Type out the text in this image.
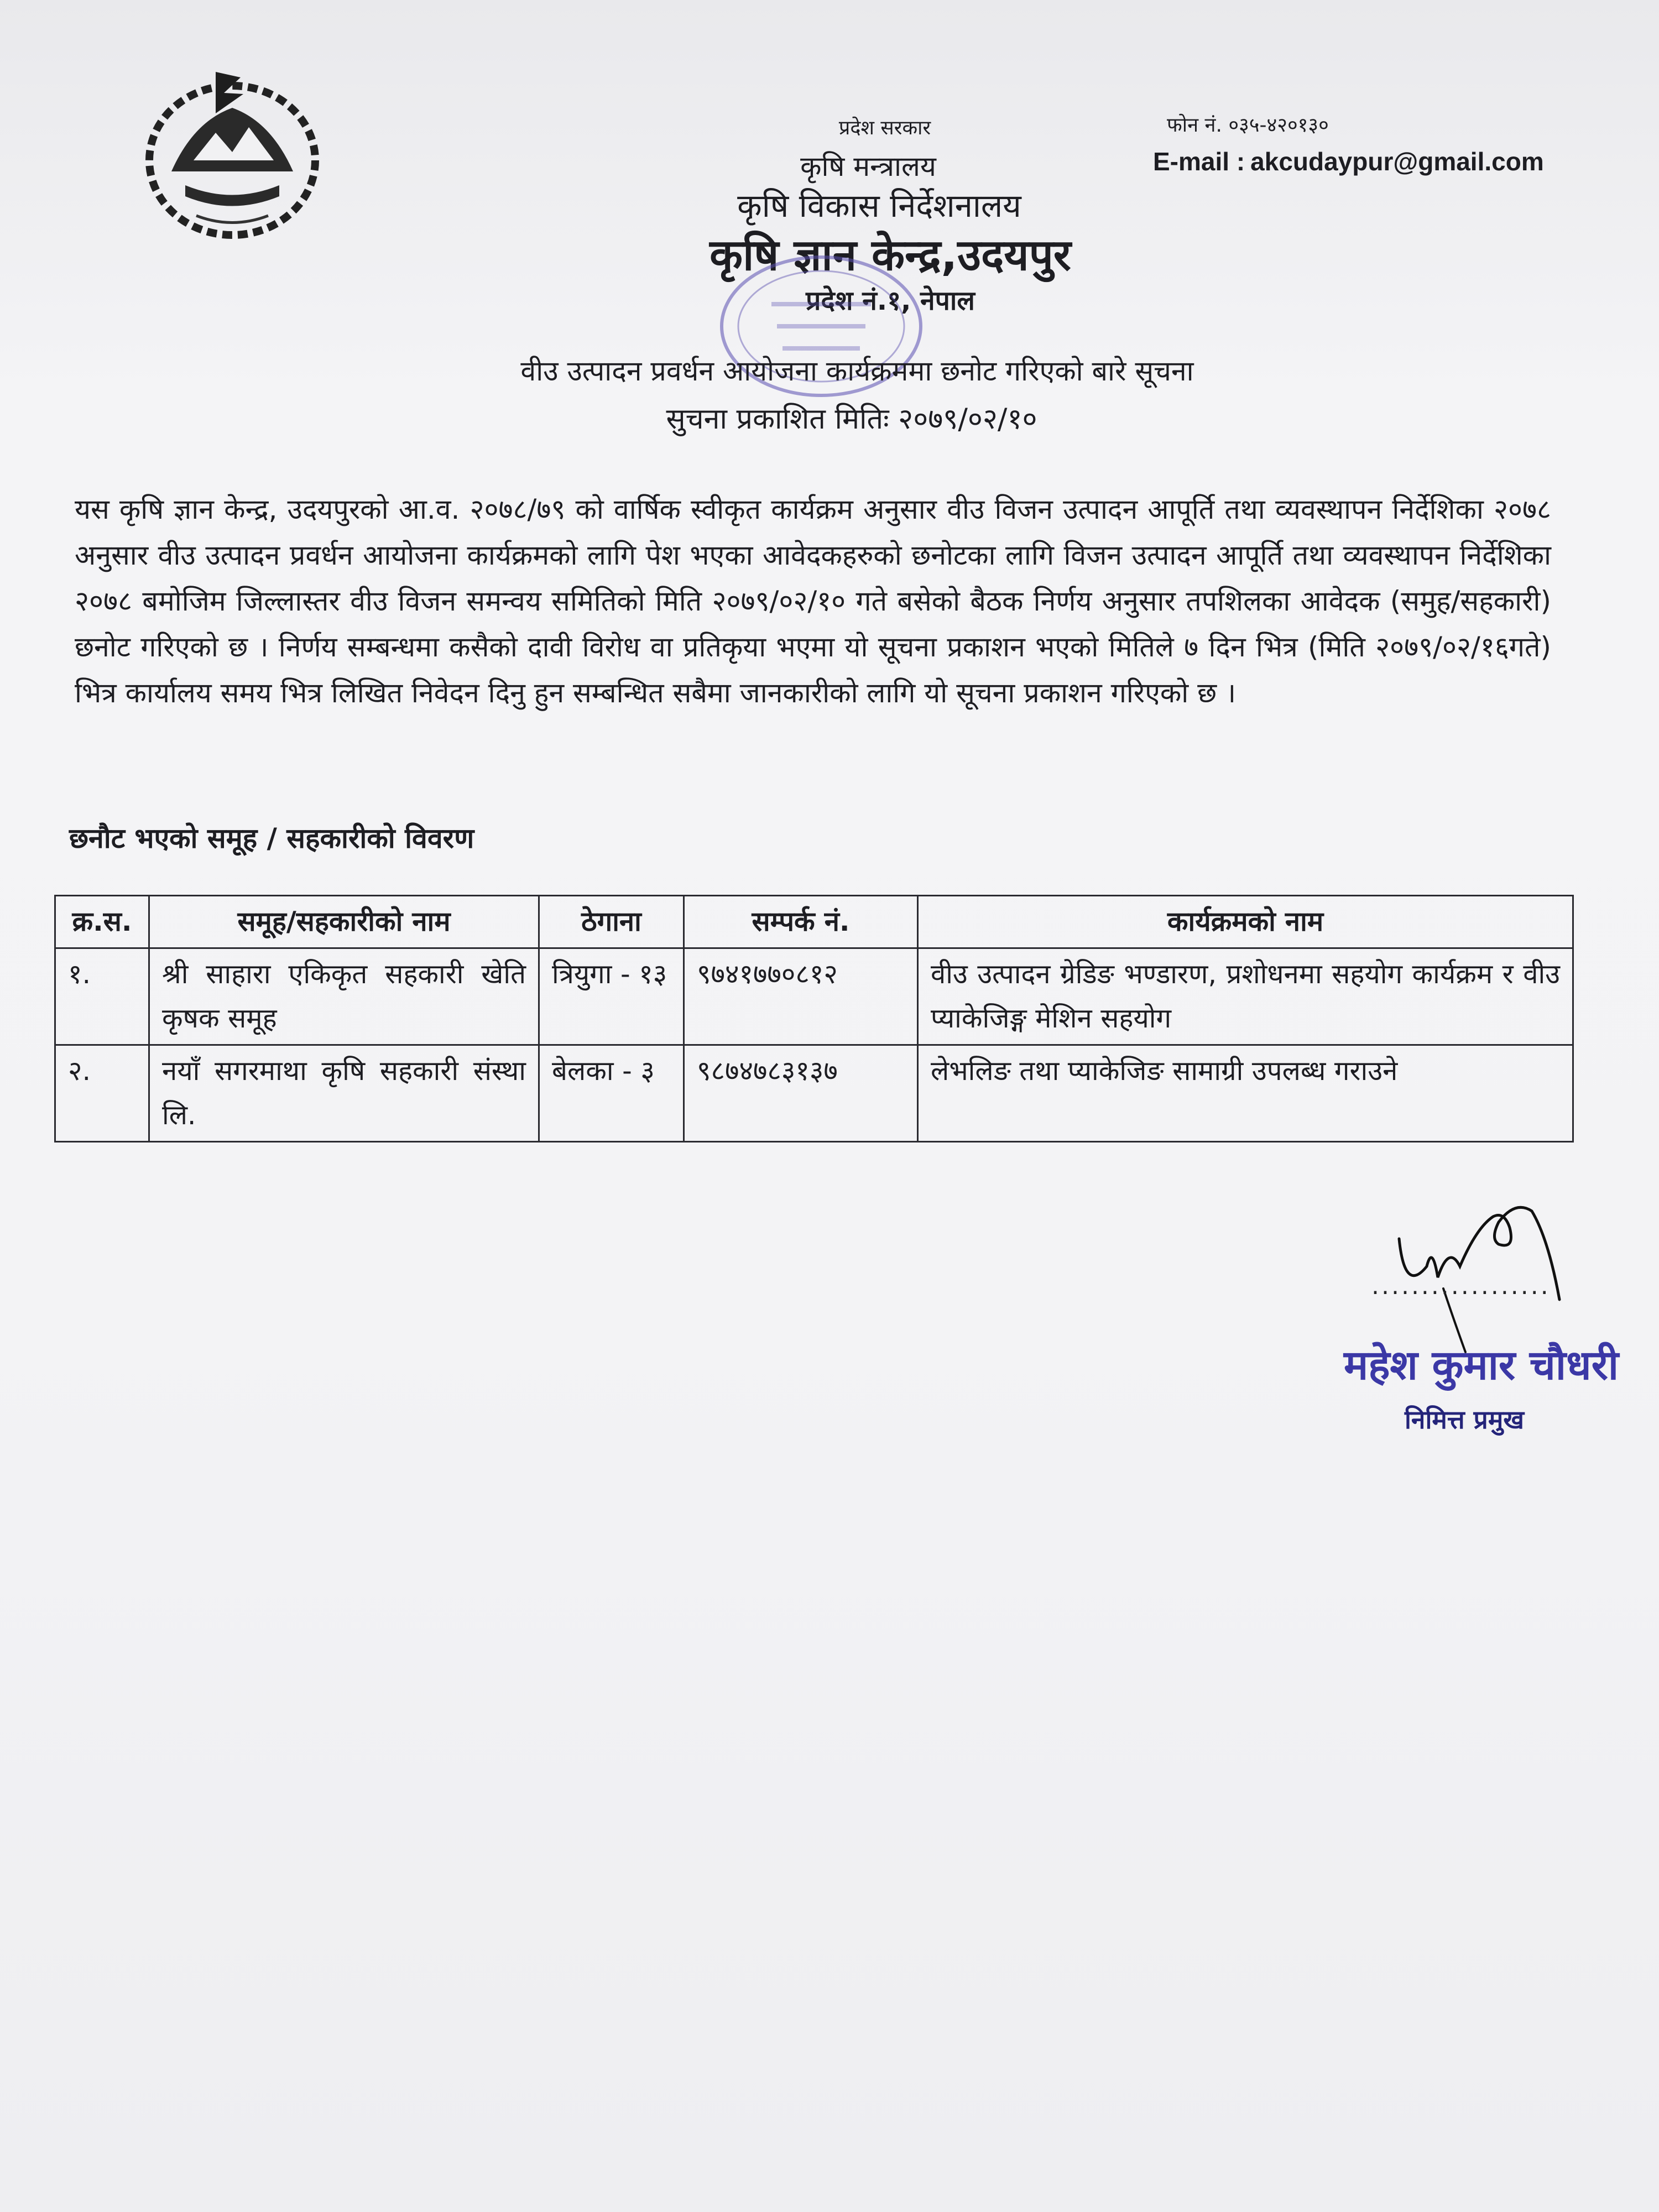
प्रदेश सरकार
कृषि मन्त्रालय
कृषि विकास निर्देशनालय
कृषि ज्ञान केन्द्र,उदयपुर
प्रदेश नं.१, नेपाल
वीउ उत्पादन प्रवर्धन आयोजना कार्यक्रममा छनोट गरिएको बारे सूचना
सुचना प्रकाशित मितिः २०७९/०२/१०
फोन नं. ०३५-४२०१३०
E-mail : akcudaypur@gmail.com
यस कृषि ज्ञान केन्द्र, उदयपुरको आ.व. २०७८/७९ को वार्षिक स्वीकृत कार्यक्रम अनुसार वीउ विजन उत्पादन आपूर्ति तथा व्यवस्थापन निर्देशिका २०७८ अनुसार वीउ उत्पादन प्रवर्धन आयोजना कार्यक्रमको लागि पेश भएका आवेदकहरुको छनोटका लागि विजन उत्पादन आपूर्ति तथा व्यवस्थापन निर्देशिका २०७८ बमोजिम जिल्लास्तर वीउ विजन समन्वय समितिको मिति २०७९/०२/१० गते बसेको बैठक निर्णय अनुसार तपशिलका आवेदक (समुह/सहकारी) छनोट गरिएको छ । निर्णय सम्बन्धमा कसैको दावी विरोध वा प्रतिकृया भएमा यो सूचना प्रकाशन भएको मितिले ७ दिन भित्र (मिति २०७९/०२/१६गते) भित्र कार्यालय समय भित्र लिखित निवेदन दिनु हुन सम्बन्धित सबैमा जानकारीको लागि यो सूचना प्रकाशन गरिएको छ ।
छनौट भएको समूह / सहकारीको विवरण
क्र.स.	समूह/सहकारीको नाम	ठेगाना	सम्पर्क नं.	कार्यक्रमको नाम
१.	श्री साहारा एकिकृत सहकारी खेति कृषक समूह	त्रियुगा - १३	९७४१७७०८१२	वीउ उत्पादन ग्रेडिङ भण्डारण, प्रशोधनमा सहयोग कार्यक्रम र वीउ प्याकेजिङ्ग मेशिन सहयोग
२.	नयाँ सगरमाथा कृषि सहकारी संस्था लि.	बेलका - ३	९८७४७८३१३७	लेभलिङ तथा प्याकेजिङ सामाग्री उपलब्ध गराउने
..................
महेश कुमार चौधरी
निमित्त प्रमुख
